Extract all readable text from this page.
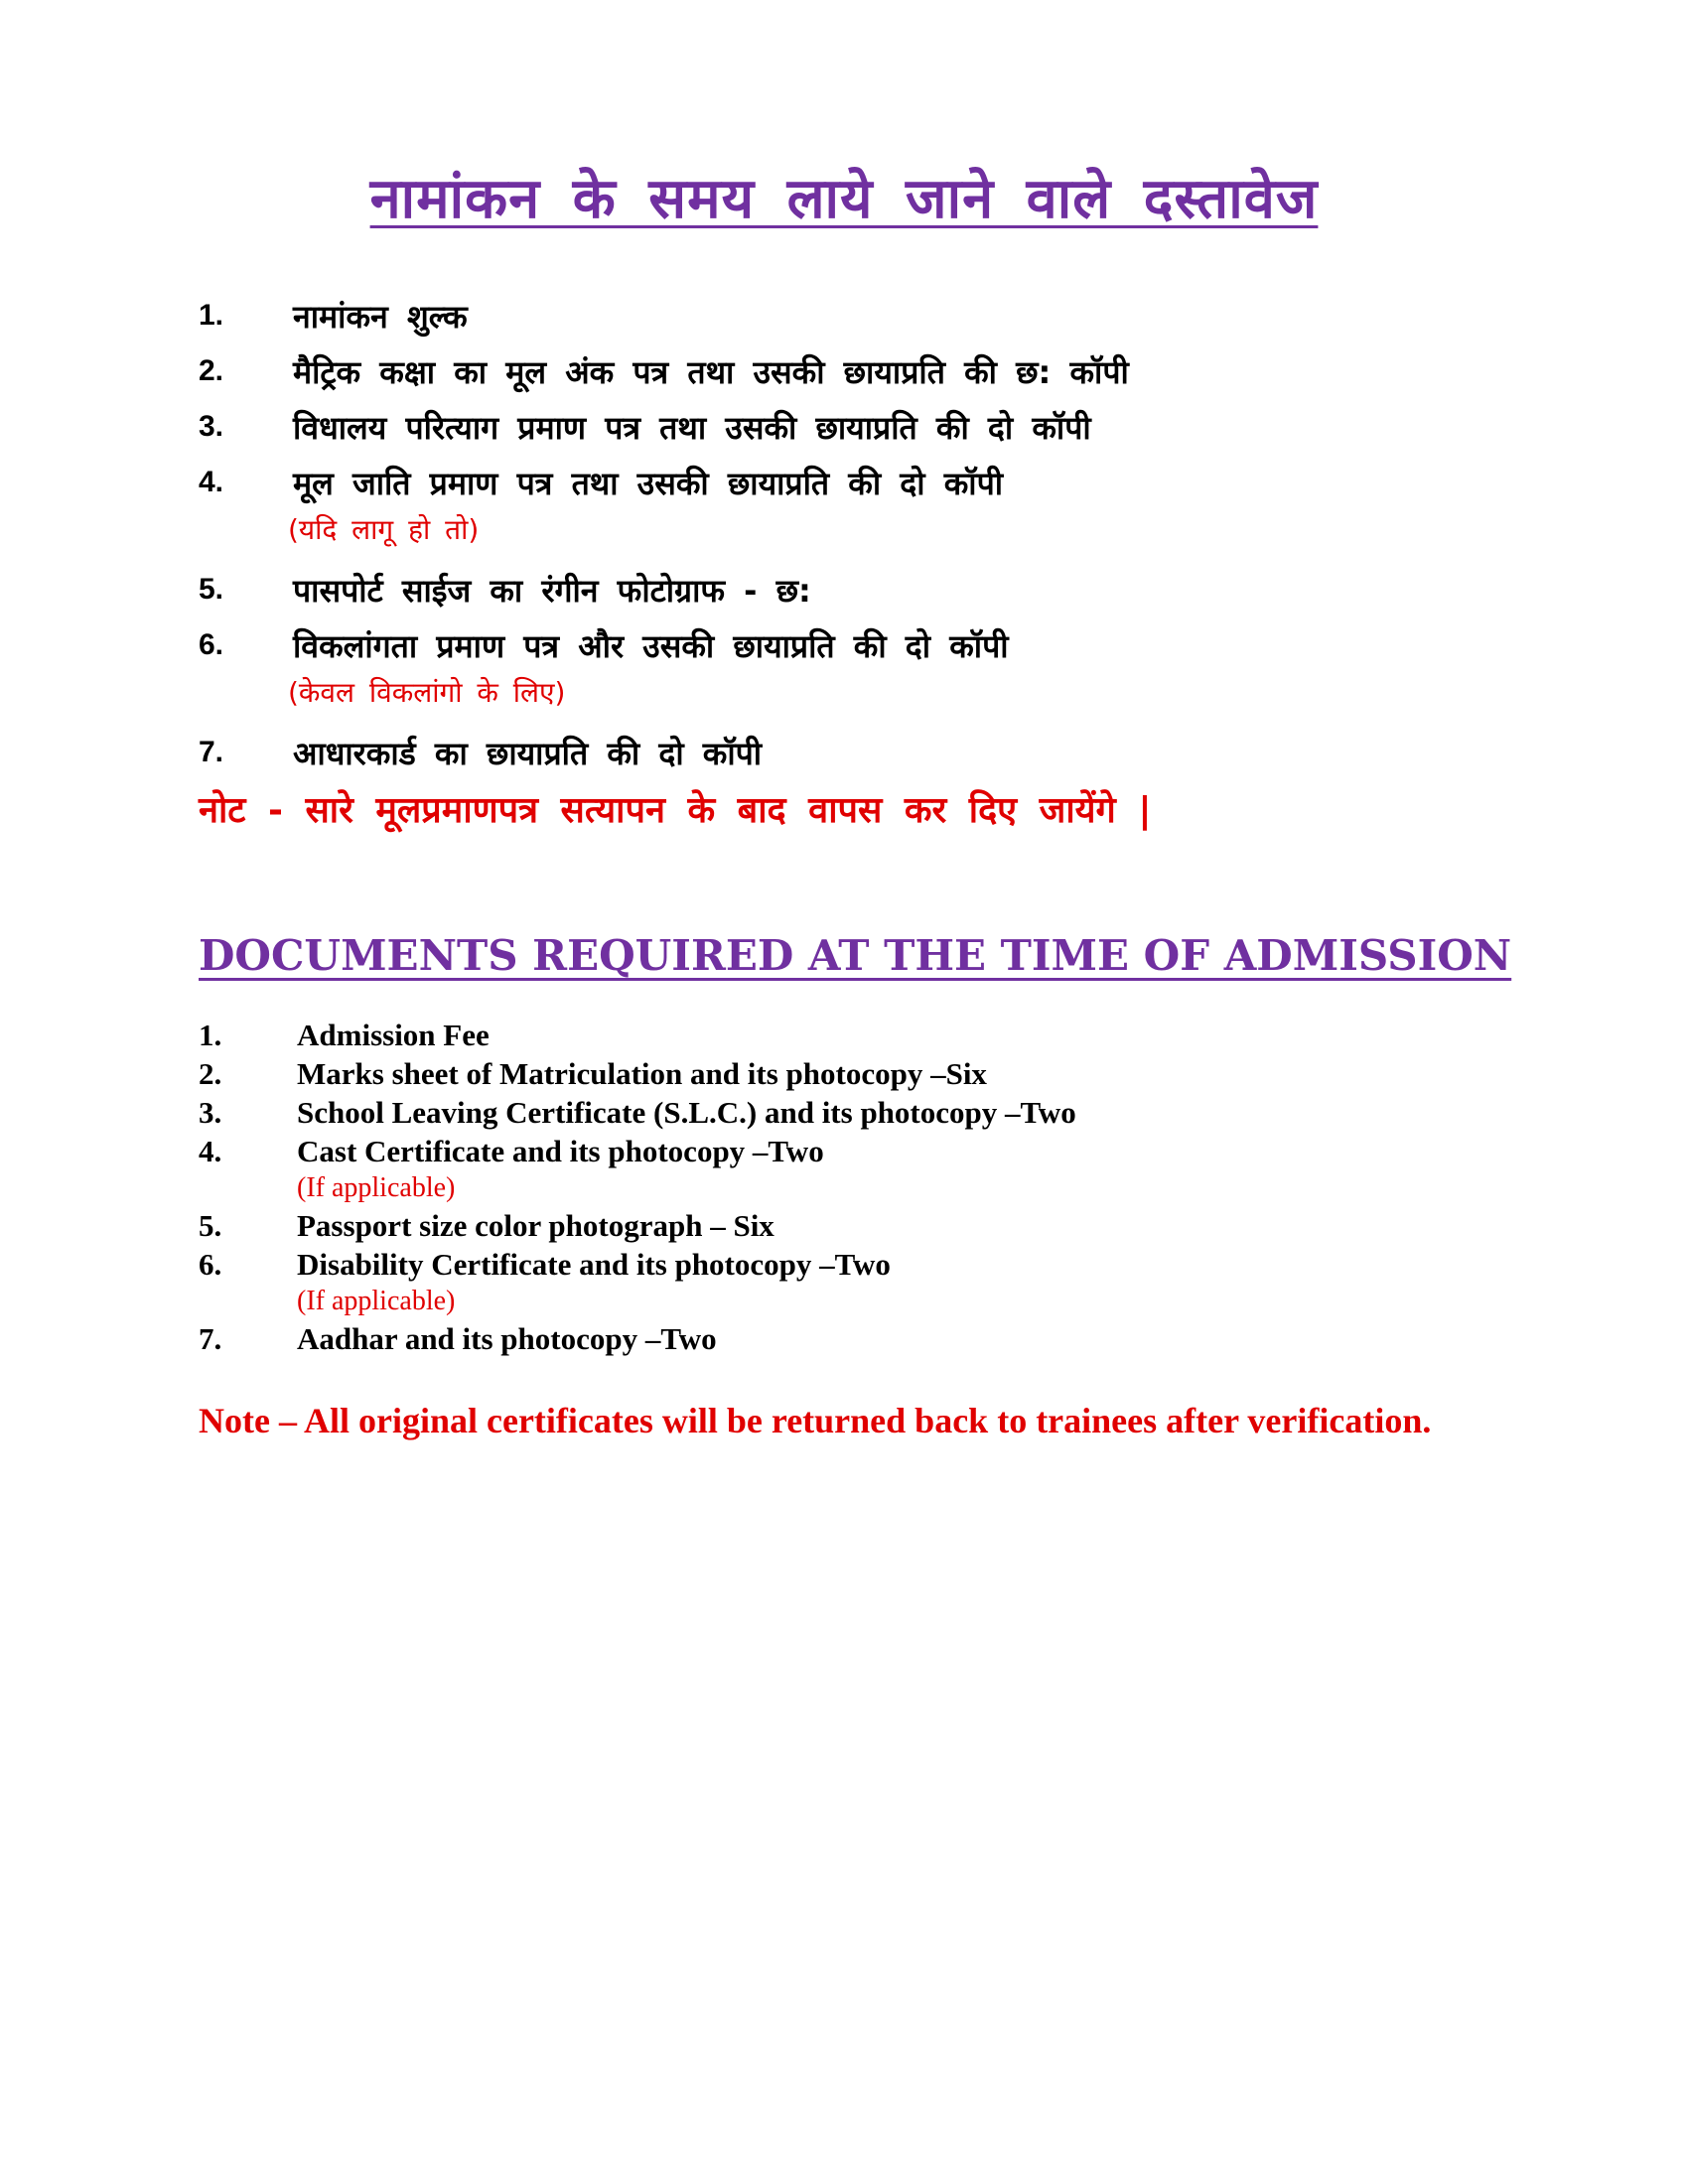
नामांकन के समय लाये जाने वाले दस्तावेज
1.	नामांकन शुल्क
2.	मैट्रिक कक्षा का मूल अंक पत्र तथा उसकी छायाप्रति की छ: कॉपी
3.	विधालय परित्याग प्रमाण पत्र तथा उसकी छायाप्रति की दो कॉपी
4.	मूल जाति प्रमाण पत्र तथा उसकी छायाप्रति की दो कॉपी
(यदि लागू हो तो)
5.	पासपोर्ट साईज का रंगीन फोटोग्राफ - छ:
6.	विकलांगता प्रमाण पत्र और उसकी छायाप्रति की दो कॉपी
(केवल विकलांगो के लिए)
7.	आधारकार्ड का छायाप्रति की दो कॉपी
नोट - सारे मूलप्रमाणपत्र सत्यापन के बाद वापस कर दिए जायेंगे |
DOCUMENTS REQUIRED AT THE TIME OF ADMISSION
1. Admission Fee
2. Marks sheet of Matriculation and its photocopy –Six
3. School Leaving Certificate (S.L.C.) and its photocopy –Two
4. Cast Certificate and its photocopy –Two
(If applicable)
5. Passport size color photograph – Six
6. Disability Certificate and its photocopy –Two
(If applicable)
7. Aadhar and its photocopy –Two
Note – All original certificates will be returned back to trainees after verification.
